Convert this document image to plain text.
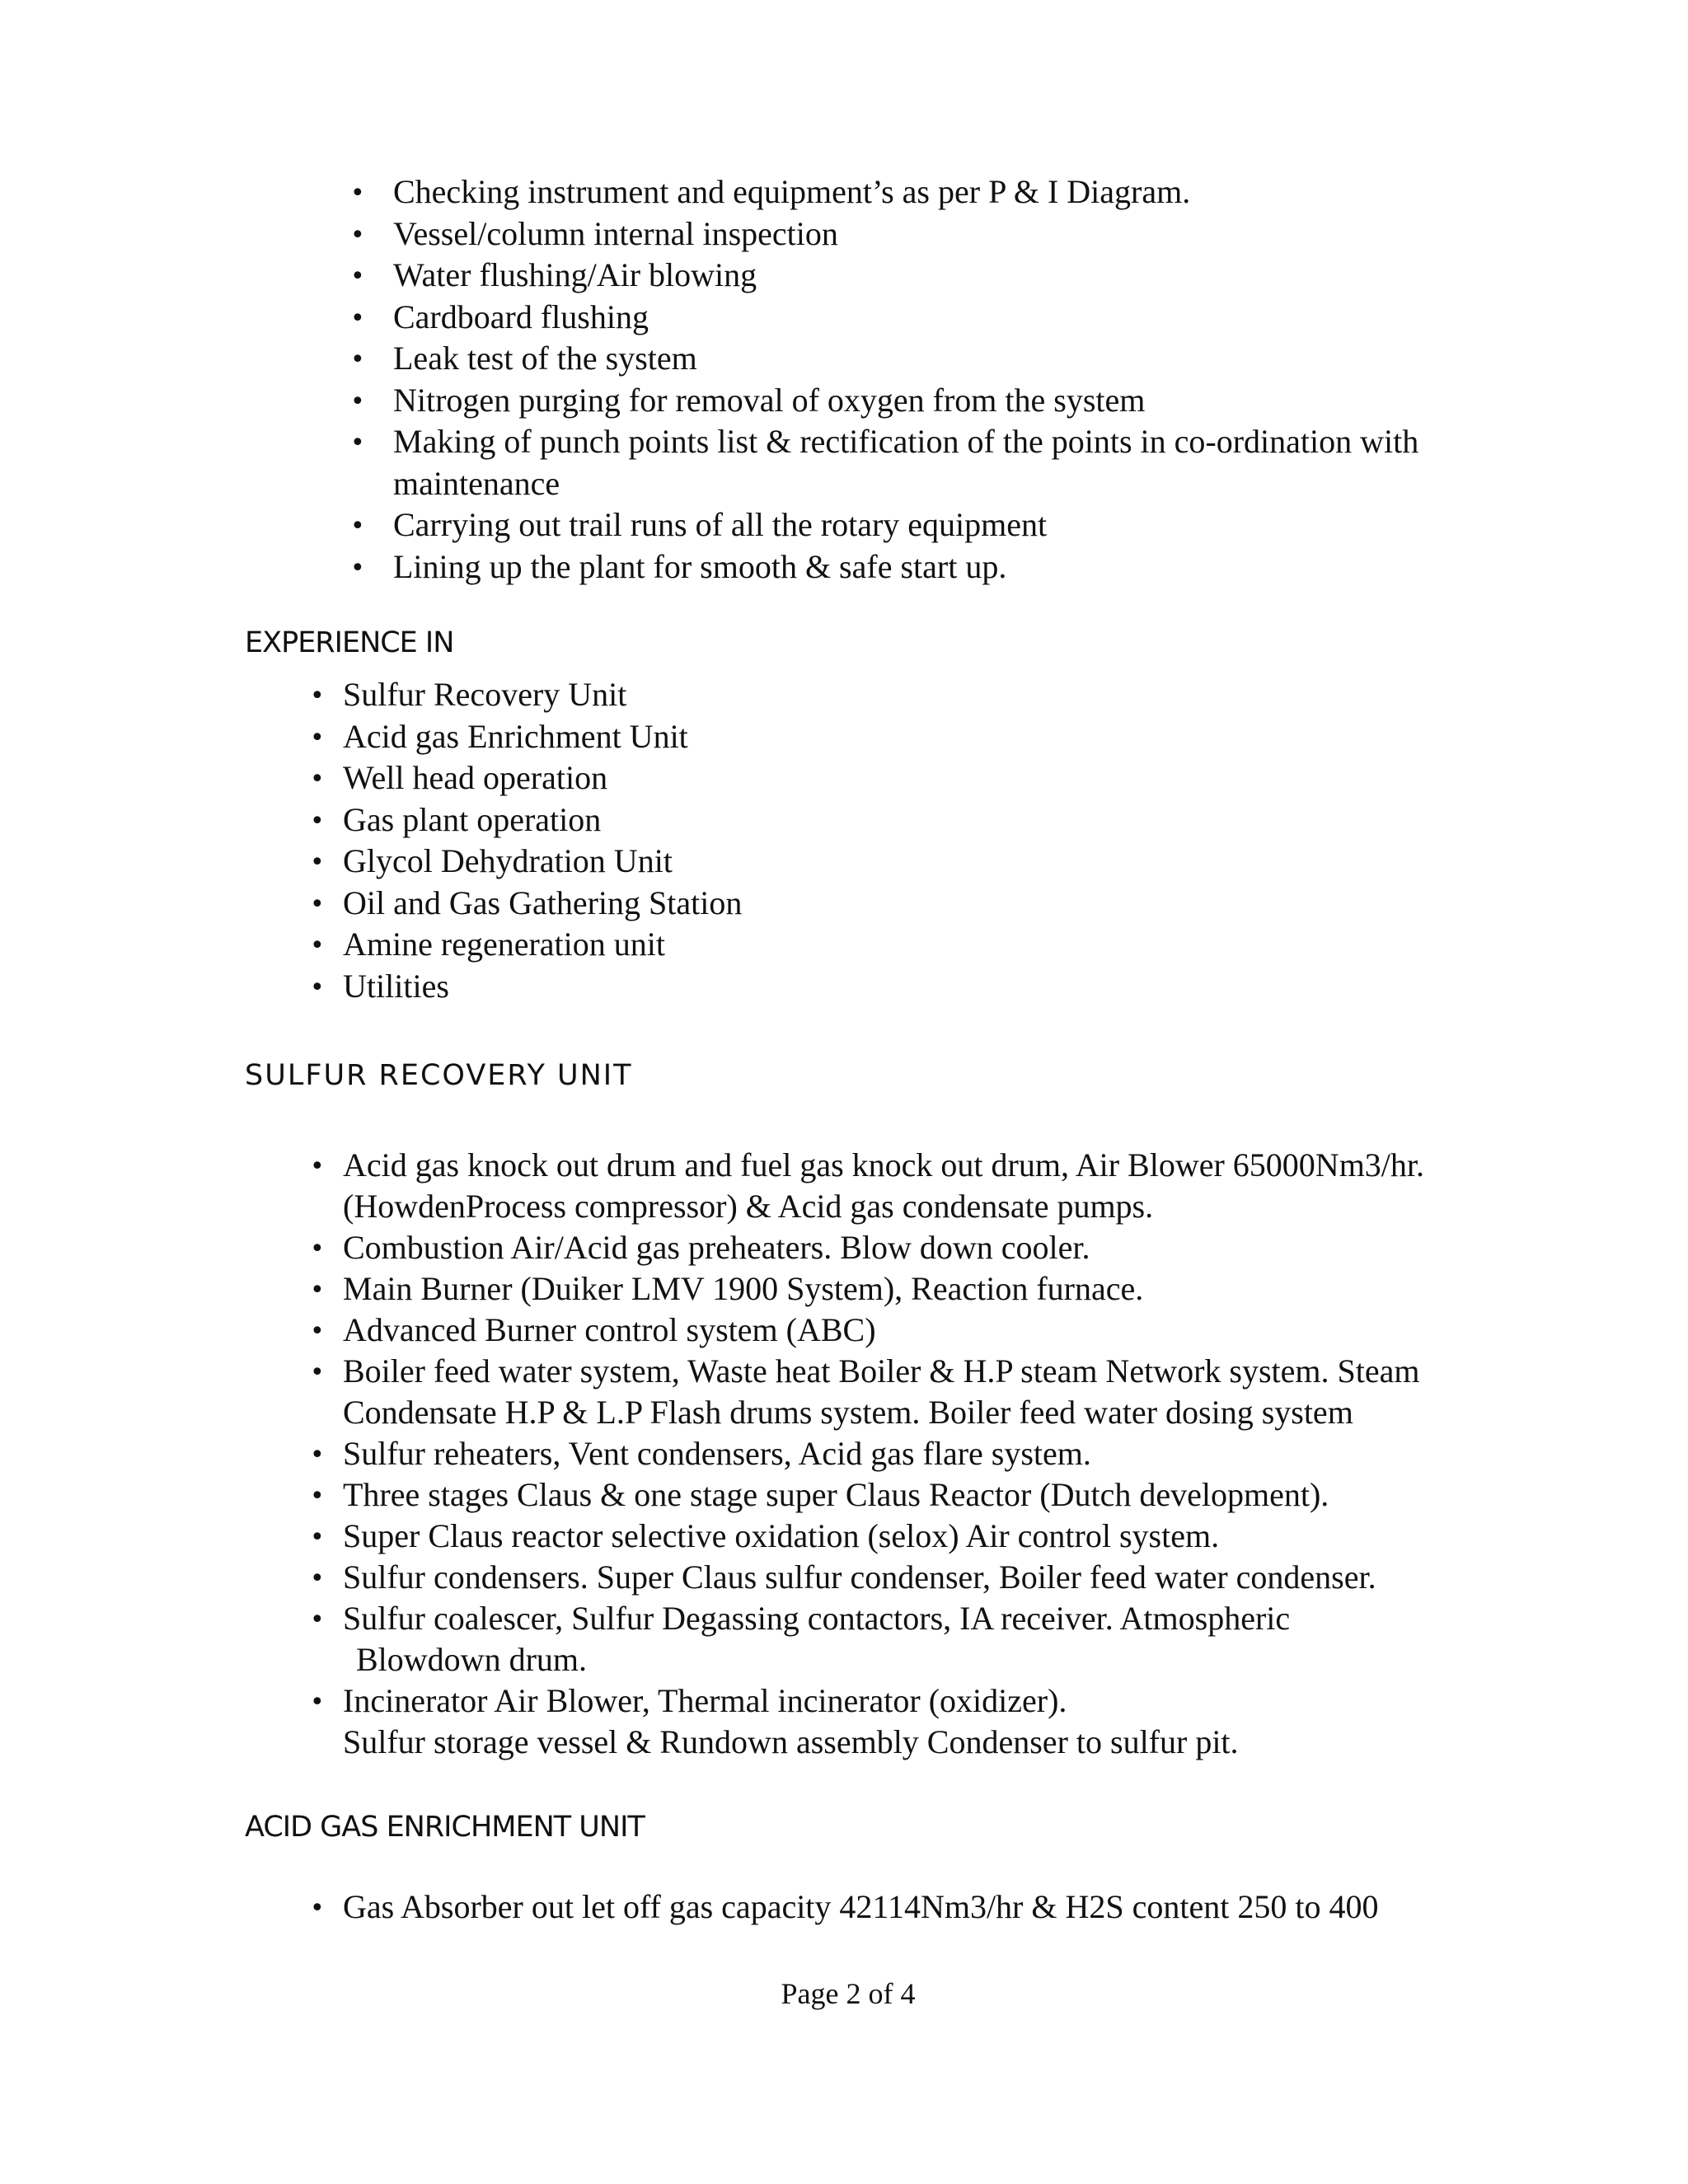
• Checking instrument and equipment’s as per P & I Diagram.
• Vessel/column internal inspection
• Water flushing/Air blowing
• Cardboard flushing
• Leak test of the system
• Nitrogen purging for removal of oxygen from the system
• Making of punch points list & rectification of the points in co-ordination with maintenance
• Carrying out trail runs of all the rotary equipment
• Lining up the plant for smooth & safe start up.
EXPERIENCE IN
• Sulfur Recovery Unit
• Acid gas Enrichment Unit
• Well head operation
• Gas plant operation
• Glycol Dehydration Unit
• Oil and Gas Gathering Station
• Amine regeneration unit
• Utilities
SULFUR RECOVERY UNIT
• Acid gas knock out drum and fuel gas knock out drum, Air Blower 65000Nm3/hr. (HowdenProcess compressor) & Acid gas condensate pumps.
• Combustion Air/Acid gas preheaters. Blow down cooler.
• Main Burner (Duiker LMV 1900 System), Reaction furnace.
• Advanced Burner control system (ABC)
• Boiler feed water system, Waste heat Boiler & H.P steam Network system. Steam Condensate H.P & L.P Flash drums system. Boiler feed water dosing system
• Sulfur reheaters, Vent condensers, Acid gas flare system.
• Three stages Claus & one stage super Claus Reactor (Dutch development).
• Super Claus reactor selective oxidation (selox) Air control system.
• Sulfur condensers. Super Claus sulfur condenser, Boiler feed water condenser.
• Sulfur coalescer, Sulfur Degassing contactors, IA receiver. Atmospheric
Blowdown drum.
• Incinerator Air Blower, Thermal incinerator (oxidizer).
Sulfur storage vessel & Rundown assembly Condenser to sulfur pit.
ACID GAS ENRICHMENT UNIT
• Gas Absorber out let off gas capacity 42114Nm3/hr & H2S content 250 to 400
Page 2 of 4
